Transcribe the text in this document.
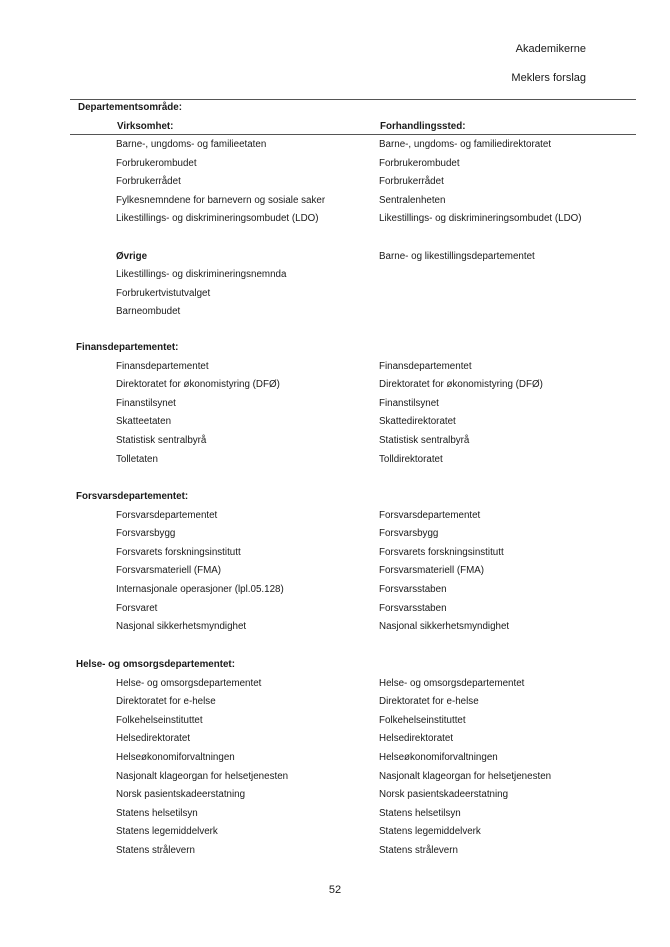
Akademikerne
Meklers forslag
Departementsområde:
Virksomhet:	Forhandlingssted:
Barne-, ungdoms- og familieetaten	Barne-, ungdoms- og familiedirektoratet
Forbrukerombudet	Forbrukerombudet
Forbrukerrådet	Forbrukerrådet
Fylkesnemndene for barnevern og sosiale saker	Sentralenheten
Likestillings- og diskrimineringsombudet (LDO)	Likestillings- og diskrimineringsombudet (LDO)
Øvrige	Barne- og likestillingsdepartementet
Likestillings- og diskrimineringsnemnda
Forbrukertvistutvalget
Barneombudet
Finansdepartementet:
Finansdepartementet	Finansdepartementet
Direktoratet for økonomistyring (DFØ)	Direktoratet for økonomistyring (DFØ)
Finanstilsynet	Finanstilsynet
Skatteetaten	Skattedirektoratet
Statistisk sentralbyrå	Statistisk sentralbyrå
Tolletaten	Tolldirektoratet
Forsvarsdepartementet:
Forsvarsdepartementet	Forsvarsdepartementet
Forsvarsbygg	Forsvarsbygg
Forsvarets forskningsinstitutt	Forsvarets forskningsinstitutt
Forsvarsmateriell (FMA)	Forsvarsmateriell (FMA)
Internasjonale operasjoner (lpl.05.128)	Forsvarsstaben
Forsvaret	Forsvarsstaben
Nasjonal sikkerhetsmyndighet	Nasjonal sikkerhetsmyndighet
Helse- og omsorgsdepartementet:
Helse- og omsorgsdepartementet	Helse- og omsorgsdepartementet
Direktoratet for e-helse	Direktoratet for e-helse
Folkehelseinstituttet	Folkehelseinstituttet
Helsedirektoratet	Helsedirektoratet
Helseøkonomiforvaltningen	Helseøkonomiforvaltningen
Nasjonalt klageorgan for helsetjenesten	Nasjonalt klageorgan for helsetjenesten
Norsk pasientskadeerstatning	Norsk pasientskadeerstatning
Statens helsetilsyn	Statens helsetilsyn
Statens legemiddelverk	Statens legemiddelverk
Statens strålevern	Statens strålevern
52
